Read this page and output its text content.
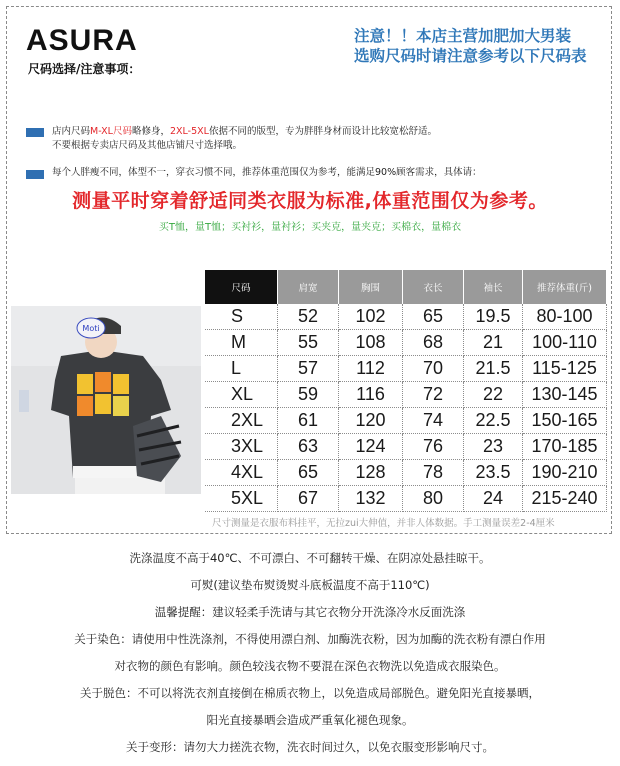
ASURA
尺码选择/注意事项：
注意！！本店主营加肥加大男装
选购尺码时请注意参考以下尺码表
店内尺码M-XL尺码略修身，2XL-5XL依据不同的版型，专为胖胖身材而设计比较宽松舒适。
不要根据专卖店尺码及其他店铺尺寸选择哦。
每个人胖瘦不同，体型不一，穿衣习惯不同，推荐体重范围仅为参考，能满足90%顾客需求，具体请：
测量平时穿着舒适同类衣服为标准,体重范围仅为参考。
买T恤，量T恤；买衬衫，量衬衫；买夹克，量夹克；买棉衣，量棉衣
Moti
尺码	肩宽	胸围	衣长	袖长	推荐体重(斤)
S	52	102	65	19.5	80-100
M	55	108	68	21	100-110
L	57	112	70	21.5	115-125
XL	59	116	72	22	130-145
2XL	61	120	74	22.5	150-165
3XL	63	124	76	23	170-185
4XL	65	128	78	23.5	190-210
5XL	67	132	80	24	215-240
尺寸测量是衣服布料挂平，无拉zui大伸值，并非人体数据。手工测量误差2-4厘米
洗涤温度不高于40℃、不可漂白、不可翻转干燥、在阴凉处悬挂晾干。
可熨(建议垫布熨烫熨斗底板温度不高于110℃)
温馨提醒：建议轻柔手洗请与其它衣物分开洗涤冷水反面洗涤
关于染色：请使用中性洗涤剂，不得使用漂白剂、加酶洗衣粉，因为加酶的洗衣粉有漂白作用
对衣物的颜色有影响。颜色较浅衣物不要混在深色衣物洗以免造成衣服染色。
关于脱色：不可以将洗衣剂直接倒在棉质衣物上，以免造成局部脱色。避免阳光直接暴晒，
阳光直接暴晒会造成严重氧化褪色现象。
关于变形：请勿大力搓洗衣物，洗衣时间过久，以免衣服变形影响尺寸。
